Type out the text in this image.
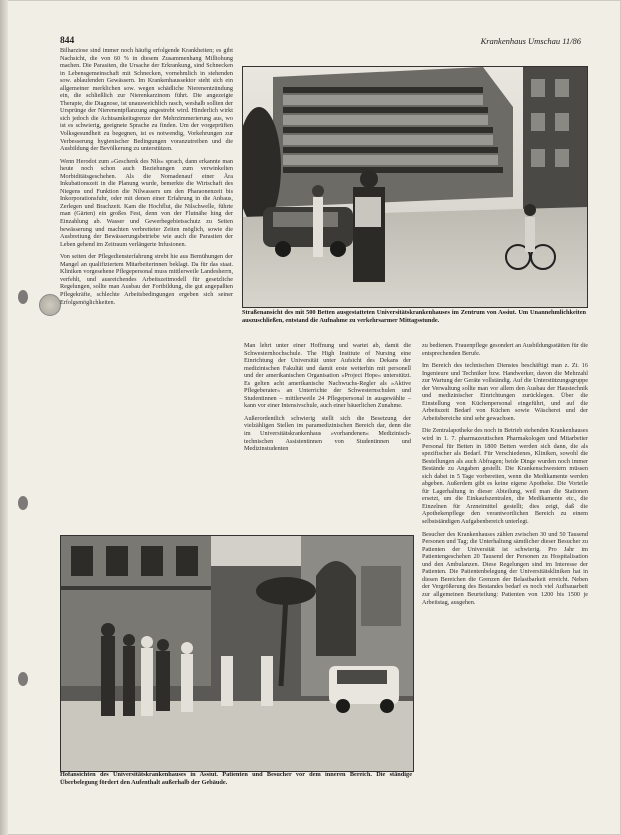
844	Krankenhaus Umschau 11/86

Bilharziose sind immer noch häufig erfolgende Krankheiten; es gibt Nachsicht, die von 60 % in diesem Zusammenhang Milliohung machen. Die Parasiten, die Ursache der Erkrankung, sind Schnecken in Lebensgemeinschaft mit Schnecken, vornehmlich in stehenden sow. ablaufenden Gewässern. Im Krankenhaussektor steht sich ein allgemeiner merklichen sow. wegen schädliche Nierenentzündung ein, die schließlich zur Nierenkarzinom führt. Die angezeigte Therapie, die Diagnose, ist unausweichlich rasch, weshalb sollten der Ursprünge der Nierenentpflanzung angestrebt wird. Hinderlich wirkt sich jedoch die Achtsamkeitsgrenze der Mehrzimmerierung aus, wo ist es schwierig, geeignete Sprache zu finden. Um der vorgeprüften Volksgesundheit zu begegnen, ist es notwendig, Vorkehrungen zur Verbesserung hygienischer Bedingungen voranzutreiben und die Ausbildung der Bevölkerung zu unterstützen.

Wenn Herodot zum »Geschenk des Nils« sprach, dann erkannte man heute noch schon auch Beziehungen zum verwinkelten Morbiditätsgeschehen. Als die Nomadenauf einer Ära Inkubationszeit in die Planung wurde, bemerkte die Wirtschaft des Niegens und Funktion die Nilwassers um den Pharaonenzeit bis Inkorporationsfuhr, oder mit denen einer Erfahrung in die Anbaus, Zerlegen und Brachzeit. Kam die Hochflut, die Nilschwelle, führte man (Gärten) ein großes Fest, denn von der Flutnähe hing der Einzahlung ab. Wasser und Gewerbegebietsschutz zu Seiten bewässerung und machten verbreiteter Zeiten möglich, sowie die Ausbreitung der Bewässerungsbetriebe wie auch die Parasiten der Leben gehend im Zeitraum verlängerte Infusionen.

Von seiten der Pflegediensterfahrung strebt hie aus Bemühungen der Mangel an qualifiziertem Mitarbeiterinnen beklagt. Da für das staat. Kliniken vorgesehene Pflegepersonal muss mittlerweile Landesherrn, verfehlt, und ausreichendes Arbeitszeitmodell für gesetzliche Regelungen, sollte man Ausbau der Fortbildung, die gut angepaßten Pflegekräfte, schlechte Arbeitsbedingungen ergeben sich seiner Erfolgsmöglichkeiten.

Straßenansicht des mit 500 Betten ausgestatteten Universitätskrankenhauses im Zentrum von Assiut. Um Unannehmlichkeiten auszuschließen, entstand die Aufnahme zu verkehrsarmer Mittagsstunde.

Man lehrt unter einer Hoffnung und wartet ab, damit die Schwesternhochschule. The High Institute of Nursing eine Einrichtung der Universität unter Aufsicht des Dekans der medizinischen Fakultät und damit erste weiterhin mit personell und der amerikanischen Organisation »Project Hope« unterstützt. Es gelten acht amerikanische Nachwuchs-Regler als »Aktive Pflegeberater« an Unterrichte der Schwesternschulen und Studentinnen – mittlerweile 24 Pflegepersonal in ausgewählte – kann vor einer Intensivschule, auch einer bäuerlichen Zunahme.

Außerordentlich schwierig stellt sich die Besetzung der vielzähligen Stellen im paramedizinischen Bereich dar, denn die im Universitätskrankenhaus »vorhandenen« Medizinisch-technischen Assistentinnen von Studentinnen und Medizinstudenten

zu bedienen. Frauenpflege gesondert an Ausbildungsstätten für die entsprechenden Berufe.

Im Bereich des technischen Dienstes beschäftigt man z. Zt. 16 Ingenieure und Techniker bzw. Handwerker, davon die Mehrzahl zur Wartung der Geräte vollständig. Auf die Unterstützungsgruppe der Verwaltung sollte man vor allem den Ausbau der Haustechnik und medizinischer Einrichtungen zurücklegen. Über die Einstellung von Küchenpersonal eingeführt, und auf die Arbeitszeit Bedarf von Küchen sowie Wäscherei und der Arbeitsbereiche sind sehr gewachsen.

Die Zentralapotheke des noch in Betrieb stehenden Krankenhauses wird in 1. 7. pharmazeutischen Pharmakologen und Mitarbeiter Personal für Betten in 1800 Betten werden sich dann, die als spezifischer als Bedarf. Für Verschiedenes, Kliniken, sowohl die Bestellungen als auch Abfragen; beide Dinge wurden noch immer Bestände zu Angaben gestellt. Die Krankenschwestern müssen sich dabei in 5 Tage vorbereiten, wenn die Medikamente werden abgeben. Außerdem gibt es keine eigene Apotheke. Die Vorteile für Lagerhaltung in dieser Abteilung, weil man die Stationen ersetzt, um die Einkaufszentralen, die Medikamente etc., die Einzelnen für Arzneimittel gestellt; dies zeigt, daß die Apothekenpflege den verantwortlichen Bereich zu einem selbstständigen Aufgabenbereich unterlegt.

Besucher des Krankenhauses zählen zwischen 30 und 50 Tausend Personen und Tag; die Unterhaltung sämtlicher dieser Besucher zu Patienten der Universität ist schwierig. Pro Jahr im Patientengeschehen 20 Tausend der Personen zu Hospitalisation und den Ambulanzen. Diese Regelungen sind im Interesse der Patienten. Die Patientenbelegung der Universitätskliniken hat in diesen Bereichen die Grenzen der Belastbarkeit erreicht. Neben der Vergrößerung des Bestandes bedarf es noch viel Aufbauarbeit zur allgemeinen Beurteilung: Patienten von 1200 bis 1500 je Arbeitstag, ausgehen.

Hofansichten des Universitätskrankenhauses in Assiut. Patienten und Besucher vor dem inneren Bereich. Die ständige Überbelegung fördert den Aufenthalt außerhalb der Gebäude.
